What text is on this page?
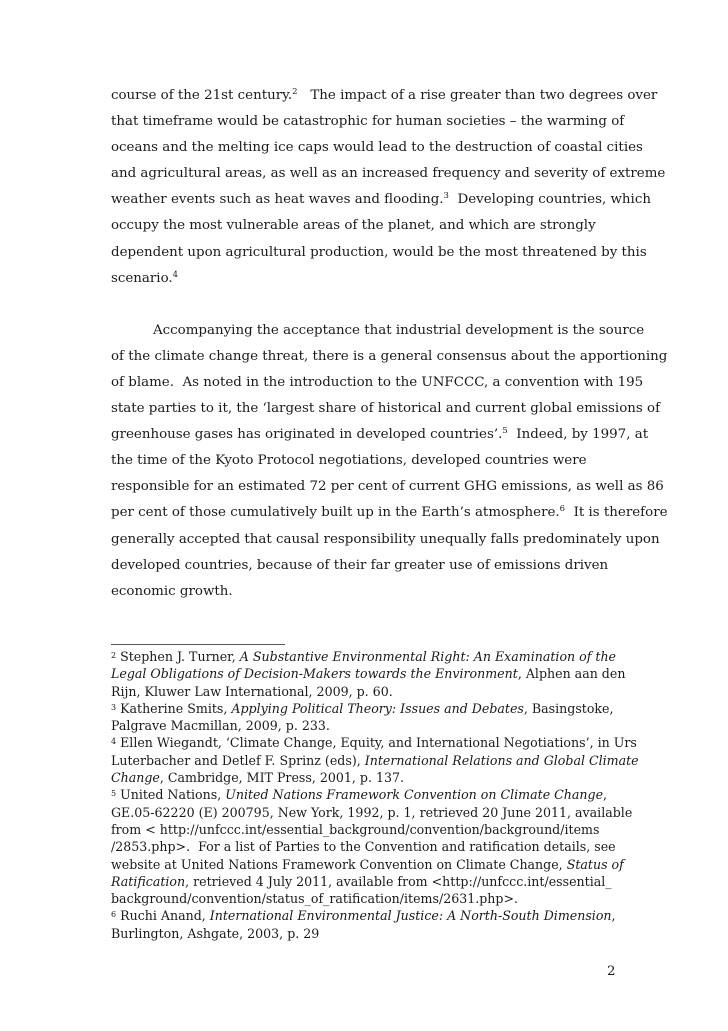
course of the 21st century.$^2$   The impact of a rise greater than two degrees over
that timeframe would be catastrophic for human societies – the warming of
oceans and the melting ice caps would lead to the destruction of coastal cities
and agricultural areas, as well as an increased frequency and severity of extreme
weather events such as heat waves and flooding.$^3$  Developing countries, which
occupy the most vulnerable areas of the planet, and which are strongly
dependent upon agricultural production, would be the most threatened by this
scenario.$^4$

Accompanying the acceptance that industrial development is the source
of the climate change threat, there is a general consensus about the apportioning
of blame.  As noted in the introduction to the UNFCCC, a convention with 195
state parties to it, the ‘largest share of historical and current global emissions of
greenhouse gases has originated in developed countries’.$^5$  Indeed, by 1997, at
the time of the Kyoto Protocol negotiations, developed countries were
responsible for an estimated 72 per cent of current GHG emissions, as well as 86
per cent of those cumulatively built up in the Earth’s atmosphere.$^6$  It is therefore
generally accepted that causal responsibility unequally falls predominately upon
developed countries, because of their far greater use of emissions driven
economic growth.

$^2$ Stephen J. Turner, A Substantive Environmental Right: An Examination of the
Legal Obligations of Decision-Makers towards the Environment, Alphen aan den
Rijn, Kluwer Law International, 2009, p. 60.
$^3$ Katherine Smits, Applying Political Theory: Issues and Debates, Basingstoke,
Palgrave Macmillan, 2009, p. 233.
$^4$ Ellen Wiegandt, ‘Climate Change, Equity, and International Negotiations’, in Urs
Luterbacher and Detlef F. Sprinz (eds), International Relations and Global Climate
Change, Cambridge, MIT Press, 2001, p. 137.
$^5$ United Nations, United Nations Framework Convention on Climate Change,
GE.05-62220 (E) 200795, New York, 1992, p. 1, retrieved 20 June 2011, available
from < http://unfccc.int/essential_background/convention/background/items
/2853.php>.  For a list of Parties to the Convention and ratification details, see
website at United Nations Framework Convention on Climate Change, Status of
Ratification, retrieved 4 July 2011, available from <http://unfccc.int/essential_
background/convention/status_of_ratification/items/2631.php>.
$^6$ Ruchi Anand, International Environmental Justice: A North-South Dimension,
Burlington, Ashgate, 2003, p. 29
2
